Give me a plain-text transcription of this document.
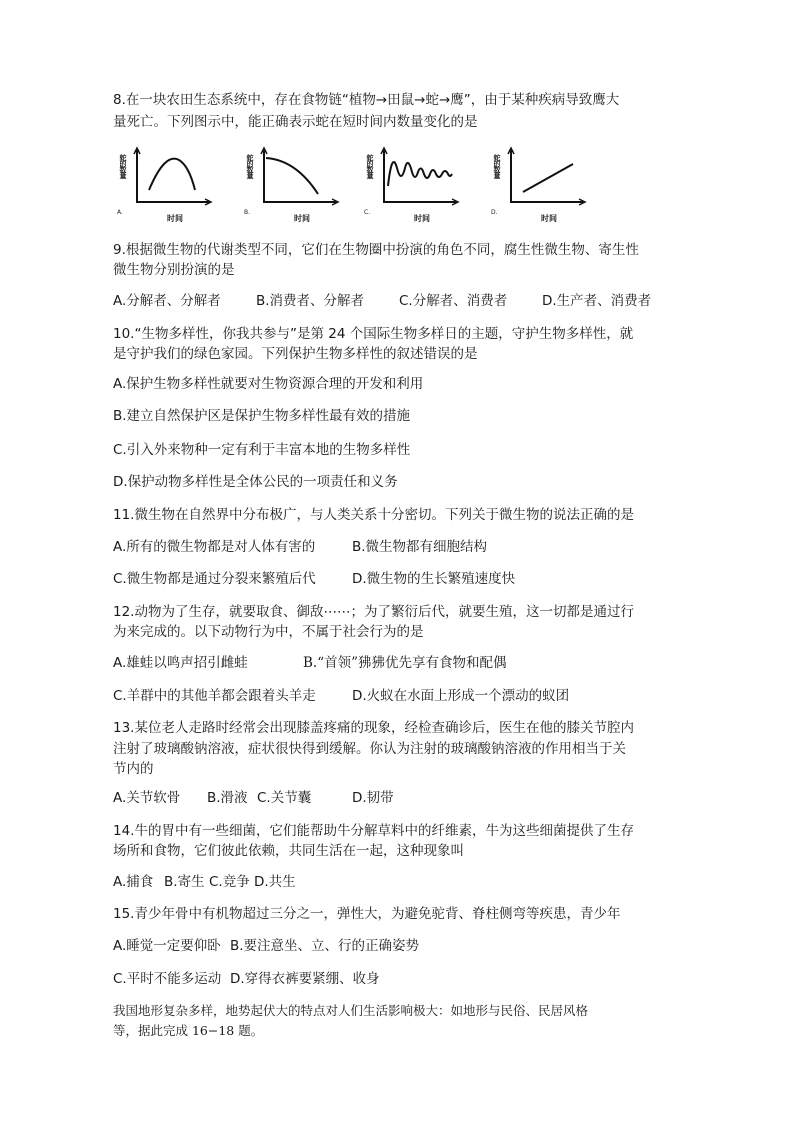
8.在一块农田生态系统中，存在食物链“植物→田鼠→蛇→鹰”，由于某种疾病导致鹰大
量死亡。下列图示中，能正确表示蛇在短时间内数量变化的是
蛇的数量
A.
时间
蛇的数量
B.
时间
蛇的数量
C.
时间
蛇的数量
D.
时间
9.根据微生物的代谢类型不同，它们在生物圈中扮演的角色不同，腐生性微生物、寄生性
微生物分别扮演的是
A.分解者、分解者	B.消费者、分解者	C.分解者、消费者	D.生产者、消费者
10.“生物多样性，你我共参与”是第 24 个国际生物多样日的主题，守护生物多样性，就
是守护我们的绿色家园。下列保护生物多样性的叙述错误的是
A.保护生物多样性就要对生物资源合理的开发和利用
B.建立自然保护区是保护生物多样性最有效的措施
C.引入外来物种一定有利于丰富本地的生物多样性
D.保护动物多样性是全体公民的一项责任和义务
11.微生物在自然界中分布极广，与人类关系十分密切。下列关于微生物的说法正确的是
A.所有的微生物都是对人体有害的	B.微生物都有细胞结构
C.微生物都是通过分裂来繁殖后代	D.微生物的生长繁殖速度快
12.动物为了生存，就要取食、御敌⋯⋯；为了繁衍后代，就要生殖，这一切都是通过行
为来完成的。以下动物行为中，不属于社会行为的是
A.雄蛙以鸣声招引雌蛙	B.“首领”狒狒优先享有食物和配偶
C.羊群中的其他羊都会跟着头羊走	D.火蚁在水面上形成一个漂动的蚁团
13.某位老人走路时经常会出现膝盖疼痛的现象，经检查确诊后，医生在他的膝关节腔内
注射了玻璃酸钠溶液，症状很快得到缓解。你认为注射的玻璃酸钠溶液的作用相当于关
节内的
A.关节软骨 B.滑液 C.关节囊	D.韧带
14.牛的胃中有一些细菌，它们能帮助牛分解草料中的纤维素，牛为这些细菌提供了生存
场所和食物，它们彼此依赖，共同生活在一起，这种现象叫
A.捕食 B.寄生 C.竞争 D.共生
15.青少年骨中有机物超过三分之一，弹性大，为避免驼背、脊柱侧弯等疾患，青少年
A.睡觉一定要仰卧 B.要注意坐、立、行的正确姿势
C.平时不能多运动 D.穿得衣裤要紧绷、收身
我国地形复杂多样，地势起伏大的特点对人们生活影响极大：如地形与民俗、民居风格
等，据此完成 16−18 题。
